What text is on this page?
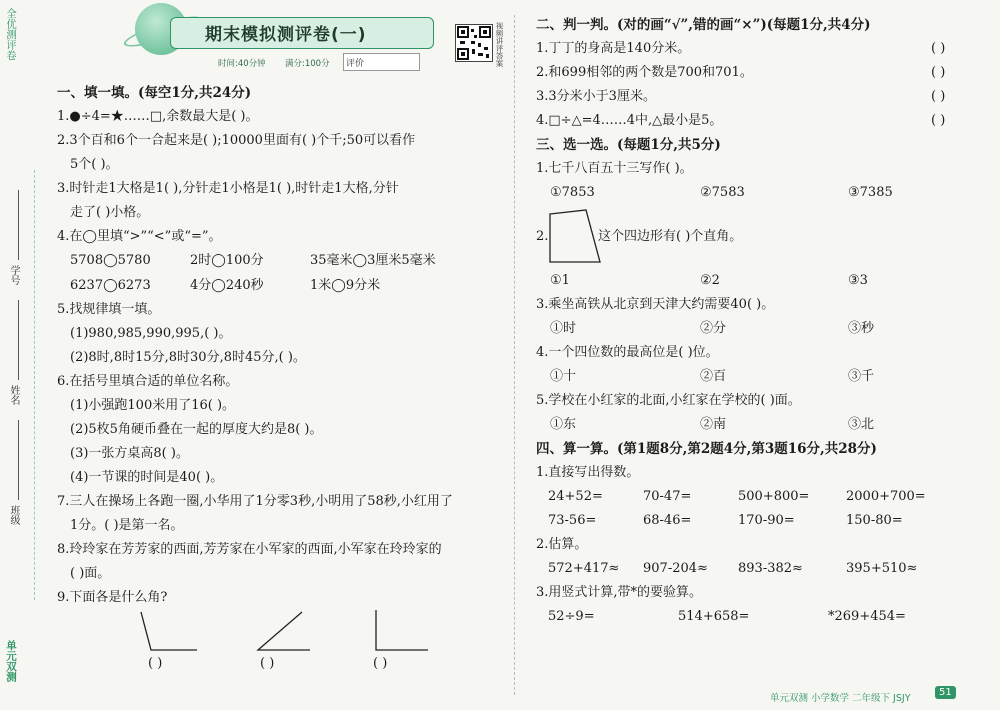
全优测评卷
学号
姓名
班级
单元双测
期末模拟测评卷(一)
时间:40分钟 满分:100分 评价	视频讲评答案
一、填一填。(每空1分,共24分)
1.●÷4=★……□,余数最大是( )。
2.3个百和6个一合起来是( );10000里面有( )个千;50可以看作
5个( )。
3.时针走1大格是1( ),分针走1小格是1( ),时针走1大格,分针
走了( )小格。
4.在◯里填“>”“<”或“=”。
5708◯5780	2时◯100分	35毫米◯3厘米5毫米
6237◯6273	4分◯240秒	1米◯9分米
5.找规律填一填。
(1)980,985,990,995,( )。
(2)8时,8时15分,8时30分,8时45分,( )。
6.在括号里填合适的单位名称。
(1)小强跑100米用了16( )。
(2)5枚5角硬币叠在一起的厚度大约是8( )。
(3)一张方桌高8( )。
(4)一节课的时间是40( )。
7.三人在操场上各跑一圈,小华用了1分零3秒,小明用了58秒,小红用了
1分。( )是第一名。
8.玲玲家在芳芳家的西面,芳芳家在小军家的西面,小军家在玲玲家的
( )面。
9.下面各是什么角?
( )	( )	( )
二、判一判。(对的画“√”,错的画“×”)(每题1分,共4分)
1.丁丁的身高是140分米。	( )
2.和699相邻的两个数是700和701。	( )
3.3分米小于3厘米。	( )
4.□÷△=4……4中,△最小是5。	( )
三、选一选。(每题1分,共5分)
1.七千八百五十三写作( )。
①7853	②7583	③7385
2.	这个四边形有( )个直角。
①1	②2	③3
3.乘坐高铁从北京到天津大约需要40( )。
①时	②分	③秒
4.一个四位数的最高位是( )位。
①十	②百	③千
5.学校在小红家的北面,小红家在学校的( )面。
①东	②南	③北
四、算一算。(第1题8分,第2题4分,第3题16分,共28分)
1.直接写出得数。
24+52=	70-47=	500+800=	2000+700=
73-56=	68-46=	170-90=	150-80=
2.估算。
572+417≈ 907-204≈ 893-382≈	395+510≈
3.用竖式计算,带*的要验算。
52÷9=	514+658=	*269+454=
单元双测 小学数学 二年级下 JSJY
51
